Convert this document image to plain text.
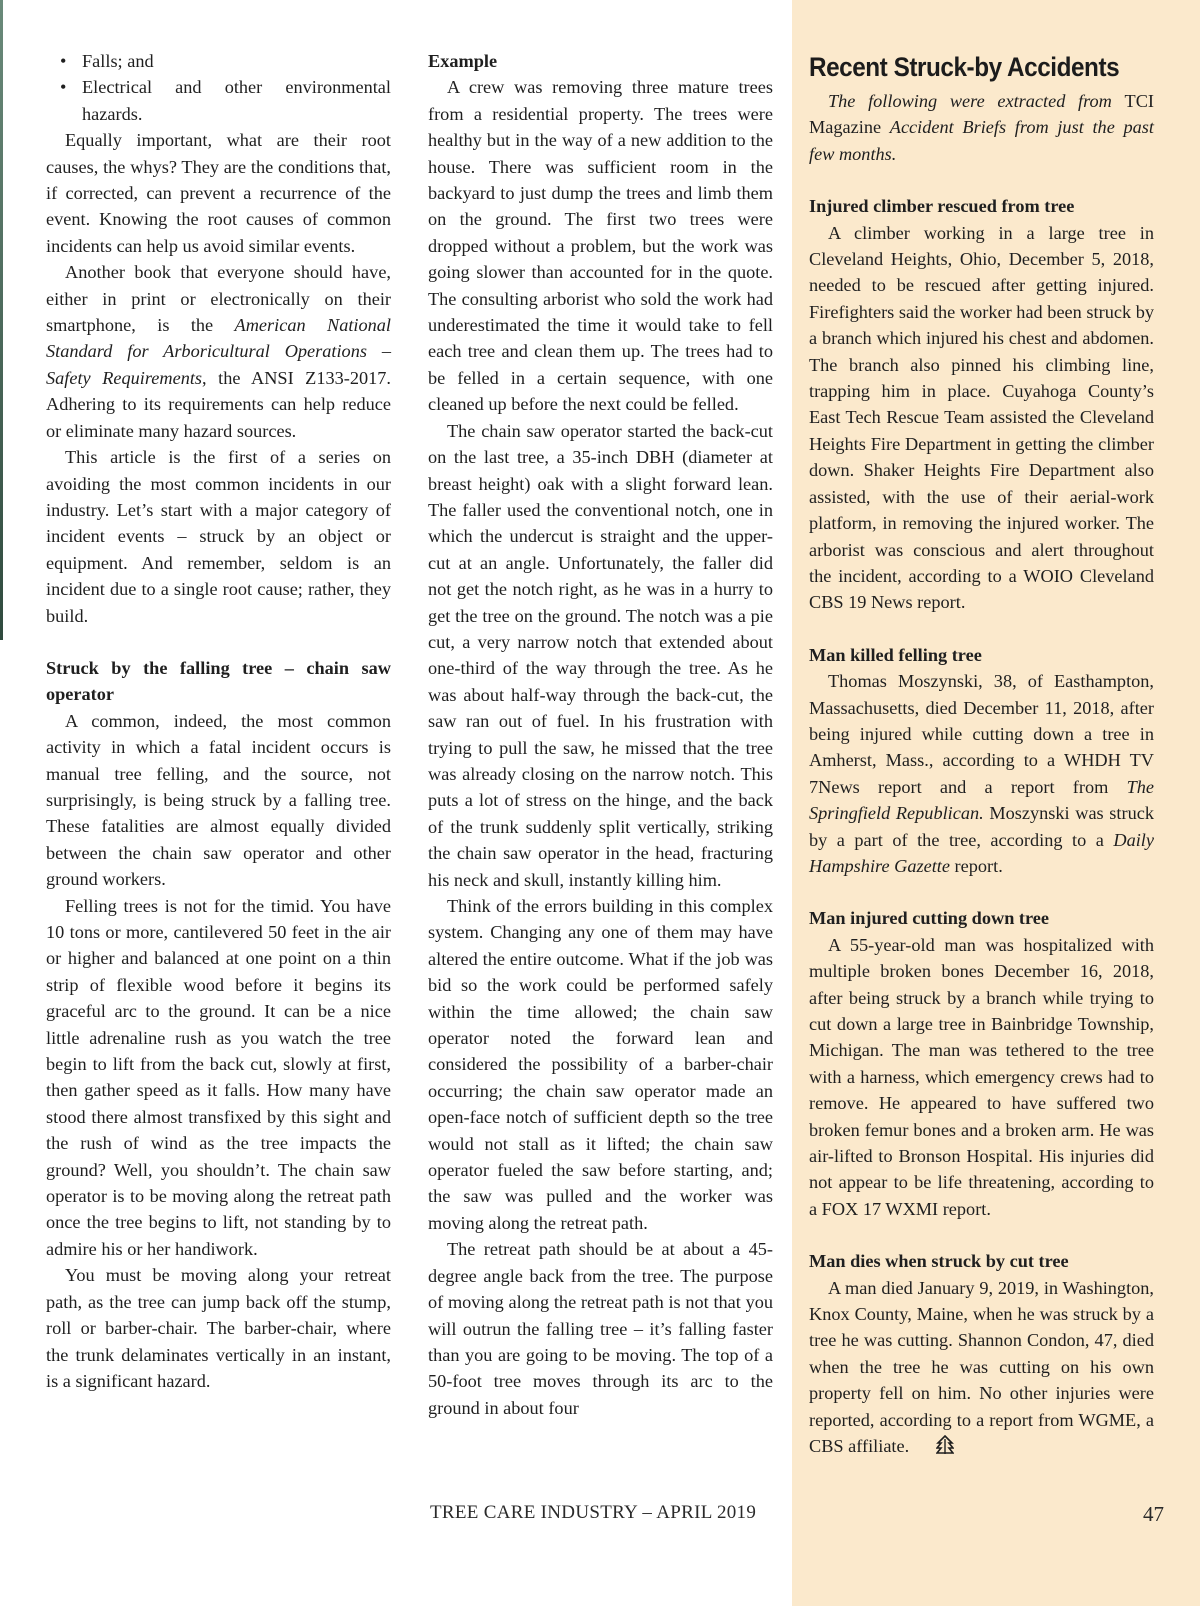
• Falls; and
• Electrical and other environmental hazards.

Equally important, what are their root causes, the whys? They are the conditions that, if corrected, can prevent a recurrence of the event. Knowing the root causes of common incidents can help us avoid similar events.

Another book that everyone should have, either in print or electronically on their smartphone, is the American National Standard for Arboricultural Operations – Safety Requirements, the ANSI Z133-2017. Adhering to its requirements can help reduce or eliminate many hazard sources.

This article is the first of a series on avoiding the most common incidents in our industry. Let’s start with a major category of incident events – struck by an object or equipment. And remember, seldom is an incident due to a single root cause; rather, they build.

Struck by the falling tree – chain saw operator

A common, indeed, the most common activity in which a fatal incident occurs is manual tree felling, and the source, not surprisingly, is being struck by a falling tree. These fatalities are almost equally divided between the chain saw operator and other ground workers.

Felling trees is not for the timid. You have 10 tons or more, cantilevered 50 feet in the air or higher and balanced at one point on a thin strip of flexible wood before it begins its graceful arc to the ground. It can be a nice little adrenaline rush as you watch the tree begin to lift from the back cut, slowly at first, then gather speed as it falls. How many have stood there almost transfixed by this sight and the rush of wind as the tree impacts the ground? Well, you shouldn’t. The chain saw operator is to be moving along the retreat path once the tree begins to lift, not standing by to admire his or her handiwork.

You must be moving along your retreat path, as the tree can jump back off the stump, roll or barber-chair. The barber-chair, where the trunk delaminates vertically in an instant, is a significant hazard.

Example

A crew was removing three mature trees from a residential property. The trees were healthy but in the way of a new addition to the house. There was sufficient room in the backyard to just dump the trees and limb them on the ground. The first two trees were dropped without a problem, but the work was going slower than accounted for in the quote. The consulting arborist who sold the work had underestimated the time it would take to fell each tree and clean them up. The trees had to be felled in a certain sequence, with one cleaned up before the next could be felled.

The chain saw operator started the back-cut on the last tree, a 35-inch DBH (diameter at breast height) oak with a slight forward lean. The faller used the conventional notch, one in which the undercut is straight and the upper-cut at an angle. Unfortunately, the faller did not get the notch right, as he was in a hurry to get the tree on the ground. The notch was a pie cut, a very narrow notch that extended about one-third of the way through the tree. As he was about half-way through the back-cut, the saw ran out of fuel. In his frustration with trying to pull the saw, he missed that the tree was already closing on the narrow notch. This puts a lot of stress on the hinge, and the back of the trunk suddenly split vertically, striking the chain saw operator in the head, fracturing his neck and skull, instantly killing him.

Think of the errors building in this complex system. Changing any one of them may have altered the entire outcome. What if the job was bid so the work could be performed safely within the time allowed; the chain saw operator noted the forward lean and considered the possibility of a barber-chair occurring; the chain saw operator made an open-face notch of sufficient depth so the tree would not stall as it lifted; the chain saw operator fueled the saw before starting, and; the saw was pulled and the worker was moving along the retreat path.

The retreat path should be at about a 45-degree angle back from the tree. The purpose of moving along the retreat path is not that you will outrun the falling tree – it’s falling faster than you are going to be moving. The top of a 50-foot tree moves through its arc to the ground in about four

Recent Struck-by Accidents

The following were extracted from TCI Magazine Accident Briefs from just the past few months.

Injured climber rescued from tree

A climber working in a large tree in Cleveland Heights, Ohio, December 5, 2018, needed to be rescued after getting injured. Firefighters said the worker had been struck by a branch which injured his chest and abdomen. The branch also pinned his climbing line, trapping him in place. Cuyahoga County’s East Tech Rescue Team assisted the Cleveland Heights Fire Department in getting the climber down. Shaker Heights Fire Department also assisted, with the use of their aerial-work platform, in removing the injured worker. The arborist was conscious and alert throughout the incident, according to a WOIO Cleveland CBS 19 News report.

Man killed felling tree

Thomas Moszynski, 38, of Easthampton, Massachusetts, died December 11, 2018, after being injured while cutting down a tree in Amherst, Mass., according to a WHDH TV 7News report and a report from The Springfield Republican. Moszynski was struck by a part of the tree, according to a Daily Hampshire Gazette report.

Man injured cutting down tree

A 55-year-old man was hospitalized with multiple broken bones December 16, 2018, after being struck by a branch while trying to cut down a large tree in Bainbridge Township, Michigan. The man was tethered to the tree with a harness, which emergency crews had to remove. He appeared to have suffered two broken femur bones and a broken arm. He was air-lifted to Bronson Hospital. His injuries did not appear to be life threatening, according to a FOX 17 WXMI report.

Man dies when struck by cut tree

A man died January 9, 2019, in Washington, Knox County, Maine, when he was struck by a tree he was cutting. Shannon Condon, 47, died when the tree he was cutting on his own property fell on him. No other injuries were reported, according to a report from WGME, a CBS affiliate.

TREE CARE INDUSTRY – APRIL 2019	47
